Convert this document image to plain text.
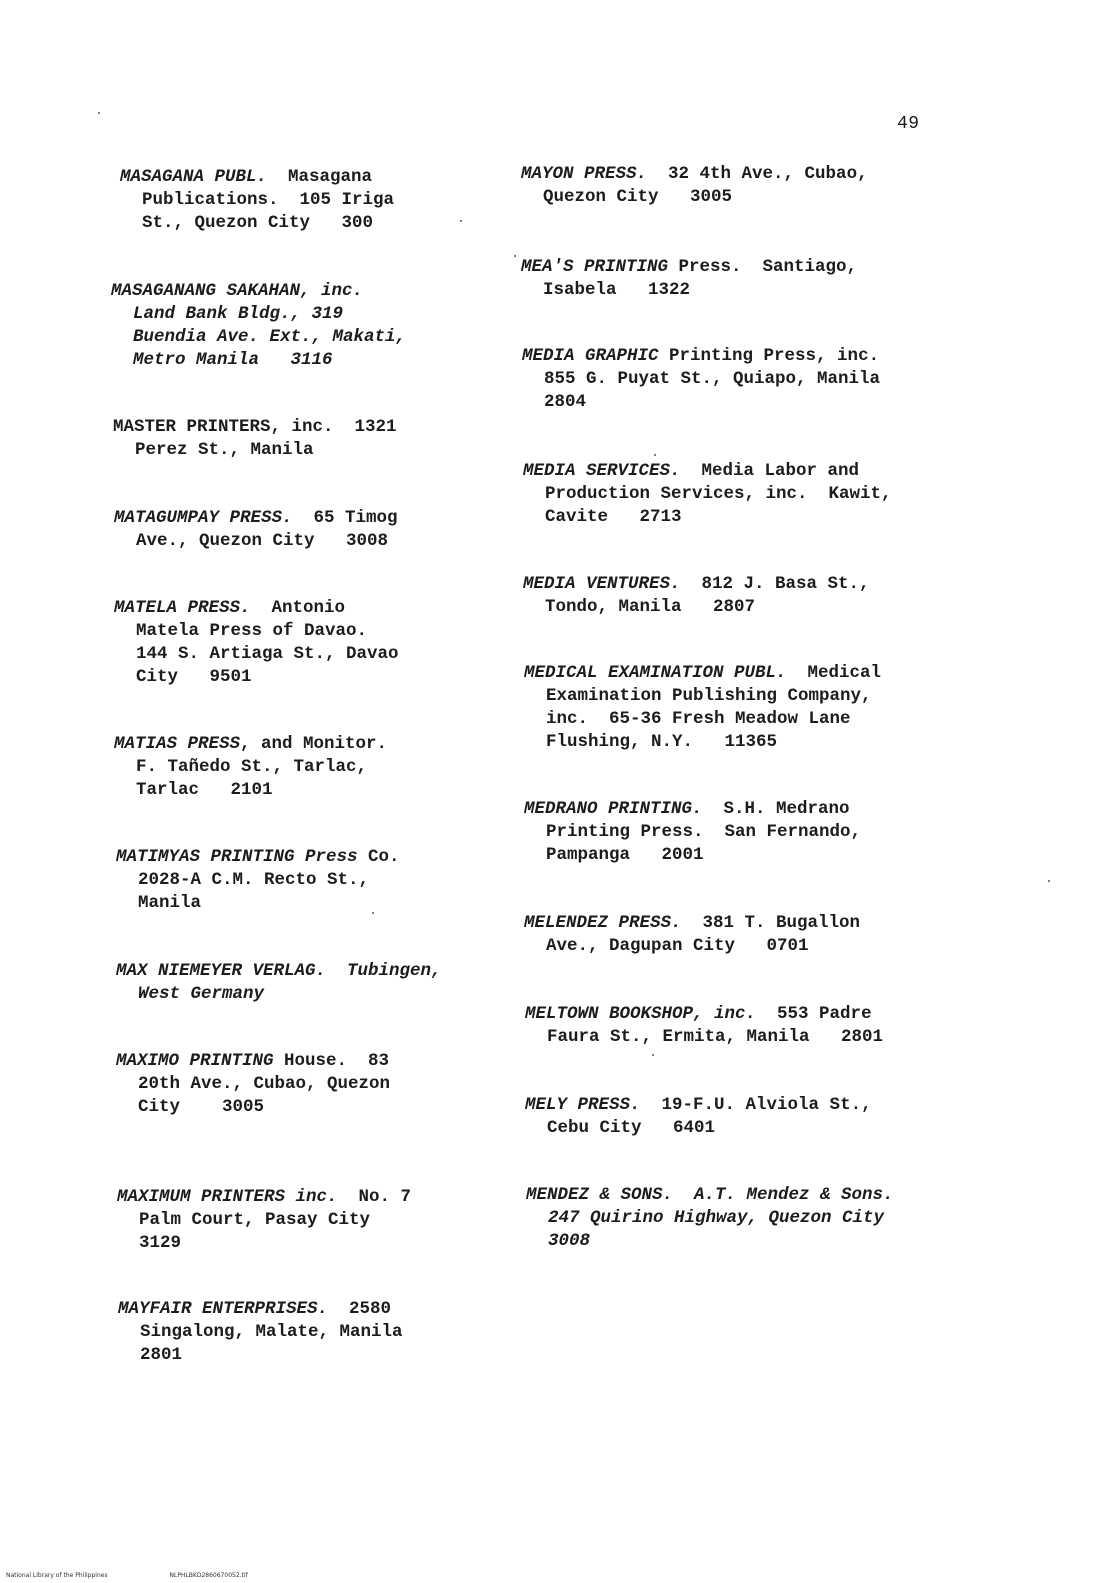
49
MASAGANA PUBL.  Masagana
Publications.  105 Iriga
St., Quezon City   300
MASAGANANG SAKAHAN, inc.
Land Bank Bldg., 319
Buendia Ave. Ext., Makati,
Metro Manila   3116
MASTER PRINTERS, inc.  1321
Perez St., Manila
MATAGUMPAY PRESS.  65 Timog
Ave., Quezon City   3008
MATELA PRESS.  Antonio
Matela Press of Davao.
144 S. Artiaga St., Davao
City   9501
MATIAS PRESS, and Monitor.
F. Tañedo St., Tarlac,
Tarlac   2101
MATIMYAS PRINTING Press Co.
2028-A C.M. Recto St.,
Manila
MAX NIEMEYER VERLAG.  Tubingen,
West Germany
MAXIMO PRINTING House.  83
20th Ave., Cubao, Quezon
City    3005
MAXIMUM PRINTERS inc.  No. 7
Palm Court, Pasay City
3129
MAYFAIR ENTERPRISES.  2580
Singalong, Malate, Manila
2801
MAYON PRESS.  32 4th Ave., Cubao,
Quezon City   3005
MEA'S PRINTING Press.  Santiago,
Isabela   1322
MEDIA GRAPHIC Printing Press, inc.
855 G. Puyat St., Quiapo, Manila
2804
MEDIA SERVICES.  Media Labor and
Production Services, inc.  Kawit,
Cavite   2713
MEDIA VENTURES.  812 J. Basa St.,
Tondo, Manila   2807
MEDICAL EXAMINATION PUBL.  Medical
Examination Publishing Company,
inc.  65-36 Fresh Meadow Lane
Flushing, N.Y.   11365
MEDRANO PRINTING.  S.H. Medrano
Printing Press.  San Fernando,
Pampanga   2001
MELENDEZ PRESS.  381 T. Bugallon
Ave., Dagupan City   0701
MELTOWN BOOKSHOP, inc.  553 Padre
Faura St., Ermita, Manila   2801
MELY PRESS.  19-F.U. Alviola St.,
Cebu City   6401
MENDEZ & SONS.  A.T. Mendez & Sons.
247 Quirino Highway, Quezon City
3008
National Library of the Philippines	NLPHLBKD2860670052.tif
